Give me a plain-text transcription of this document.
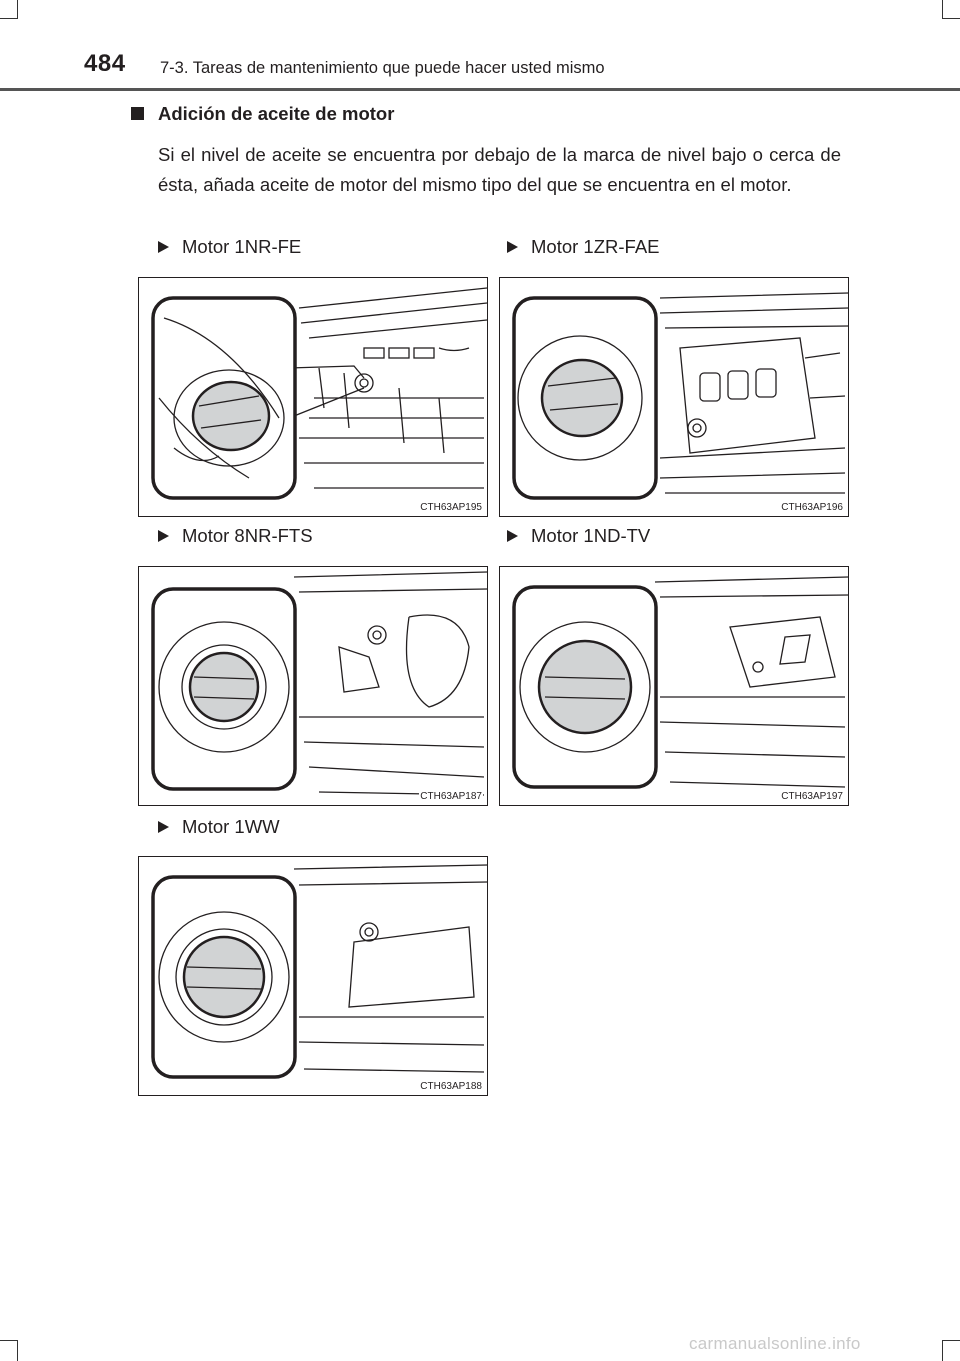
484 7-3. Tareas de mantenimiento que puede hacer usted mismo
Adición de aceite de motor
Si el nivel de aceite se encuentra por debajo de la marca de nivel bajo o cerca de ésta, añada aceite de motor del mismo tipo del que se encuentra en el motor.
Motor 1NR-FE	Motor 1ZR-FAE
Motor 8NR-FTS	Motor 1ND-TV
Motor 1WW
CTH63AP195	CTH63AP196
CTH63AP187	CTH63AP197
CTH63AP188
carmanualsonline.info
